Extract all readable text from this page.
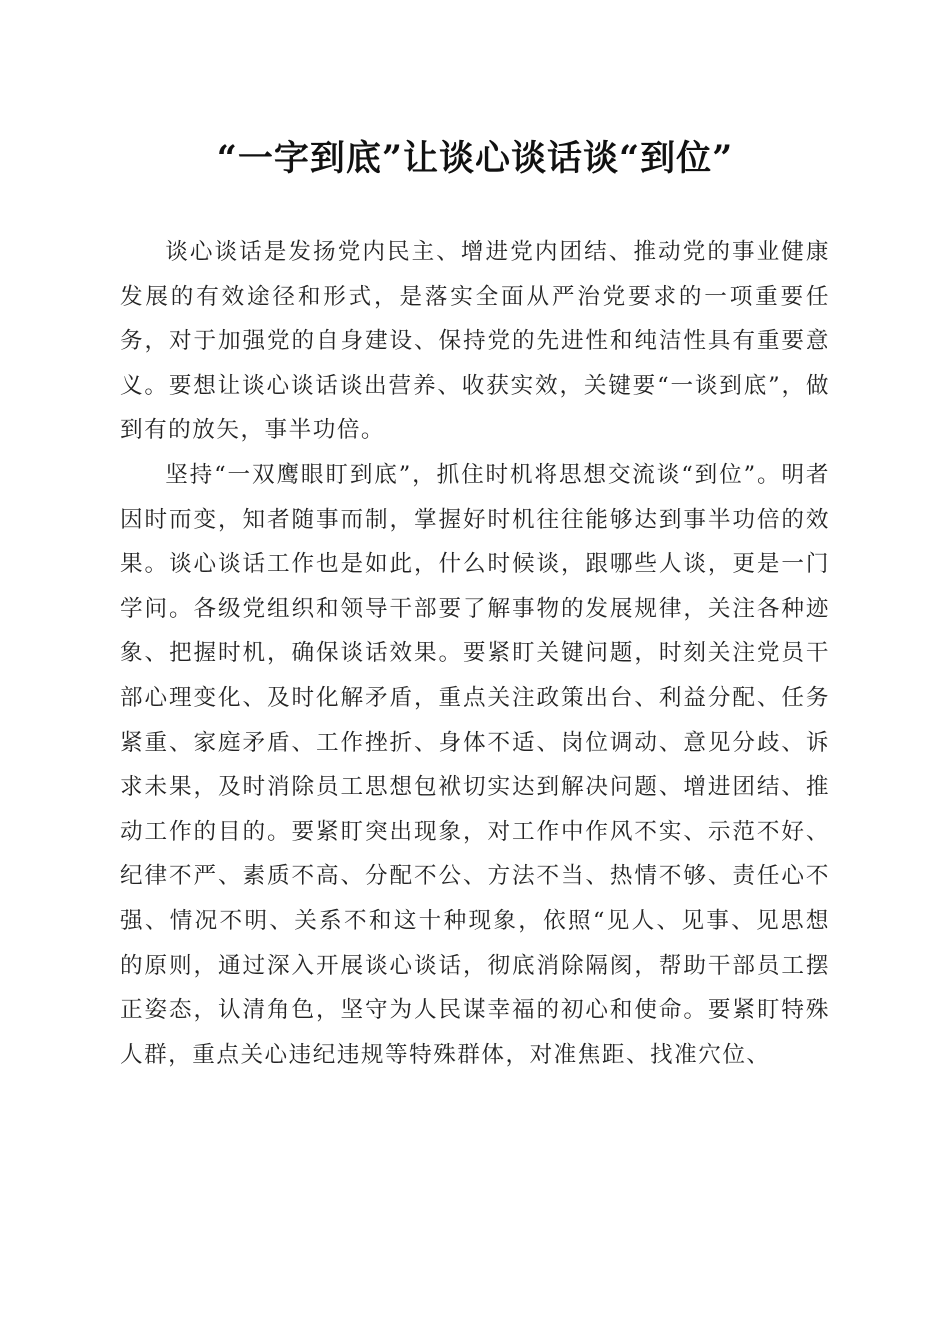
“一字到底”让谈心谈话谈“到位”

谈心谈话是发扬党内民主、增进党内团结、推动党的事业健康发展的有效途径和形式，是落实全面从严治党要求的一项重要任务，对于加强党的自身建设、保持党的先进性和纯洁性具有重要意义。要想让谈心谈话谈出营养、收获实效，关键要“一谈到底”，做到有的放矢，事半功倍。

坚持“一双鹰眼盯到底”，抓住时机将思想交流谈“到位”。明者因时而变，知者随事而制，掌握好时机往往能够达到事半功倍的效果。谈心谈话工作也是如此，什么时候谈，跟哪些人谈，更是一门学问。各级党组织和领导干部要了解事物的发展规律，关注各种迹象、把握时机，确保谈话效果。要紧盯关键问题，时刻关注党员干部心理变化、及时化解矛盾，重点关注政策出台、利益分配、任务紧重、家庭矛盾、工作挫折、身体不适、岗位调动、意见分歧、诉求未果，及时消除员工思想包袱切实达到解决问题、增进团结、推动工作的目的。要紧盯突出现象，对工作中作风不实、示范不好、纪律不严、素质不高、分配不公、方法不当、热情不够、责任心不强、情况不明、关系不和这十种现象，依照“见人、见事、见思想的原则，通过深入开展谈心谈话，彻底消除隔阂，帮助干部员工摆正姿态，认清角色，坚守为人民谋幸福的初心和使命。要紧盯特殊人群，重点关心违纪违规等特殊群体，对准焦距、找准穴位、
